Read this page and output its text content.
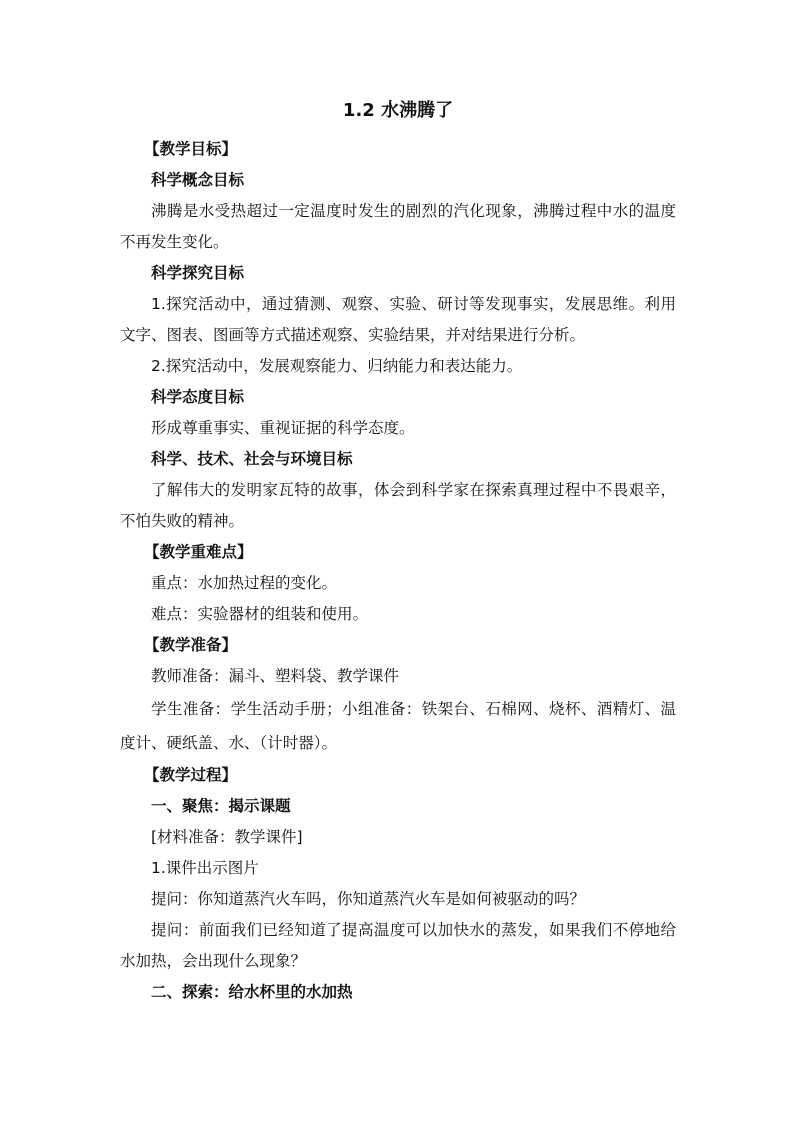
1.2 水沸腾了
【教学目标】
科学概念目标
沸腾是水受热超过一定温度时发生的剧烈的汽化现象，沸腾过程中水的温度不再发生变化。
科学探究目标
1.探究活动中，通过猜测、观察、实验、研讨等发现事实，发展思维。利用文字、图表、图画等方式描述观察、实验结果，并对结果进行分析。
2.探究活动中，发展观察能力、归纳能力和表达能力。
科学态度目标
形成尊重事实、重视证据的科学态度。
科学、技术、社会与环境目标
了解伟大的发明家瓦特的故事，体会到科学家在探索真理过程中不畏艰辛，不怕失败的精神。
【教学重难点】
重点：水加热过程的变化。
难点：实验器材的组装和使用。
【教学准备】
教师准备：漏斗、塑料袋、教学课件
学生准备：学生活动手册；小组准备：铁架台、石棉网、烧杯、酒精灯、温度计、硬纸盖、水、（计时器）。
【教学过程】
一、聚焦：揭示课题
[材料准备：教学课件]
1.课件出示图片
提问：你知道蒸汽火车吗，你知道蒸汽火车是如何被驱动的吗？
提问：前面我们已经知道了提高温度可以加快水的蒸发，如果我们不停地给水加热，会出现什么现象？
二、探索：给水杯里的水加热
